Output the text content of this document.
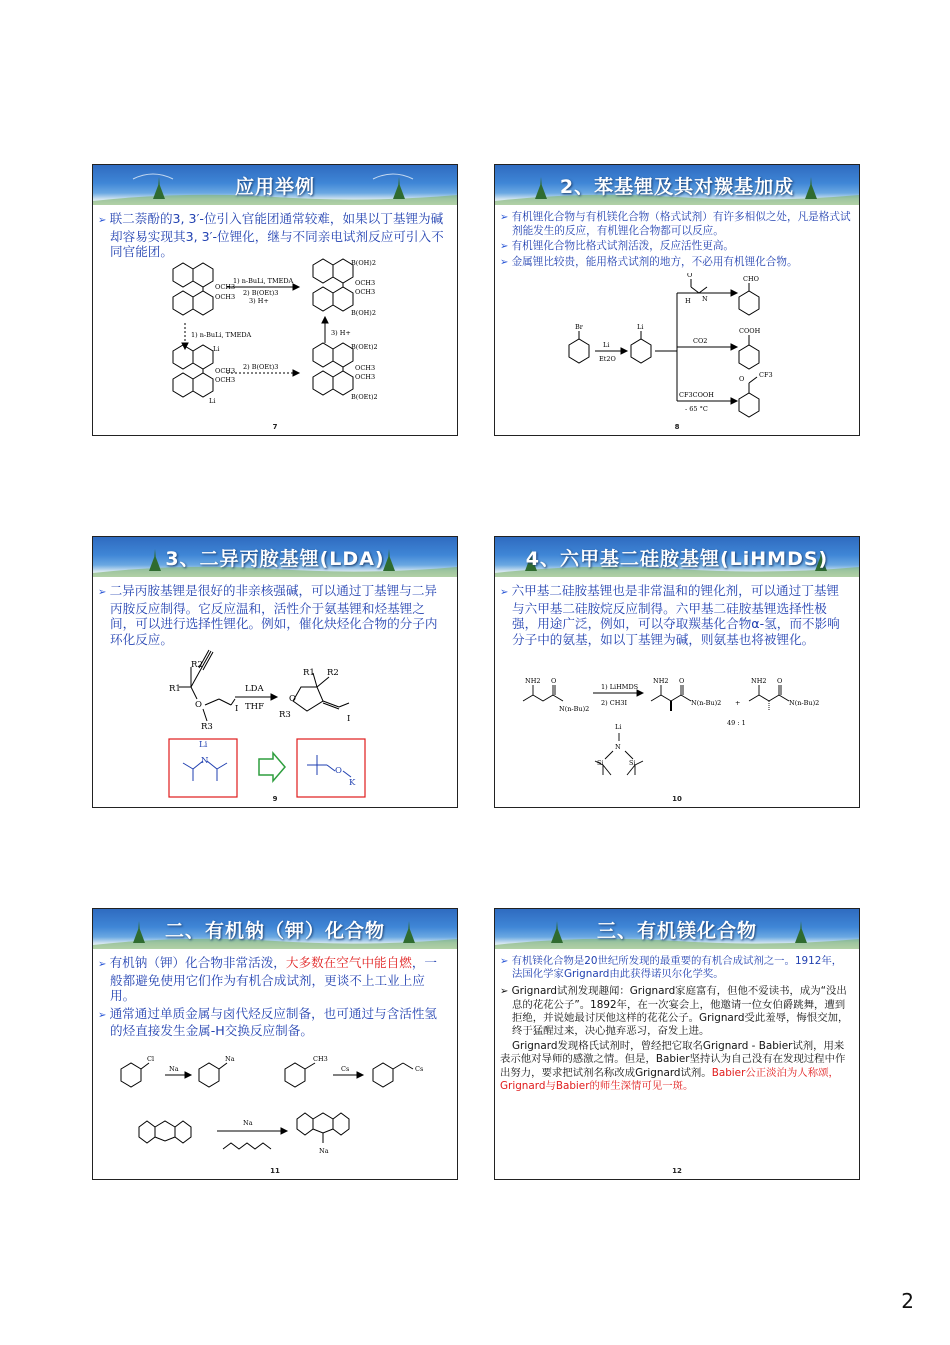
应用举例
➢ 联二萘酚的3, 3′-位引入官能团通常较难，如果以丁基锂为碱却容易实现其3, 3′-位锂化，继与不同亲电试剂反应可引入不同官能团。
OCH3
OCH3
1) n-BuLi, TMEDA
2) B(OEt)3
3) H+
B(OH)2
OCH3
OCH3
B(OH)2
1) n-BuLi, TMEDA	3) H+
Li
OCH3
OCH3
Li
2) B(OEt)3
B(OEt)2
OCH3
OCH3
B(OEt)2
7
2、苯基锂及其对羰基加成
➢ 有机锂化合物与有机镁化合物（格式试剂）有许多相似之处，凡是格式试剂能发生的反应，有机锂化合物都可以反应。
➢ 有机锂化合物比格式试剂活泼，反应活性更高。
➢ 金属锂比较贵，能用格式试剂的地方，不必用有机锂化合物。
Br
Li
Et2O
Li
H
O
N
CHO
CO2
COOH
CF3COOH
- 65 °C
O CF3
8
3、二异丙胺基锂(LDA)
➢ 二异丙胺基锂是很好的非亲核强碱，可以通过丁基锂与二异丙胺反应制得。它反应温和，活性介于氨基锂和烃基锂之间，可以进行选择性锂化。例如，催化炔烃化合物的分子内环化反应。
R2
R1
O	I
R3
LDA
THF
R1 R2
O
R3	I
Li
N
O
K
9
4、六甲基二硅胺基锂(LiHMDS)
➢ 六甲基二硅胺基锂也是非常温和的锂化剂，可以通过丁基锂与六甲基二硅胺烷反应制得。六甲基二硅胺基锂选择性极强，用途广泛，例如，可以夺取羰基化合物α-氢，而不影响分子中的氨基，如以丁基锂为碱，则氨基也将被锂化。
NH2 O
N(n-Bu)2
1) LiHMDS
2) CH3I
NH2 O
N(n-Bu)2 +
NH2 O
N(n-Bu)2
49 : 1
Li
N
Si	Si
10
二、有机钠（钾）化合物
➢ 有机钠（钾）化合物非常活泼，大多数在空气中能自燃，一般都避免使用它们作为有机合成试剂，更谈不上工业上应用。
➢ 通常通过单质金属与卤代烃反应制备，也可通过与含活性氢的烃直接发生金属-H交换反应制备。
Cl
Na
Na	CH3
Cs	Cs
Na
Na
11
三、有机镁化合物
➢ 有机镁化合物是20世纪所发现的最重要的有机合成试剂之一。1912年，法国化学家Grignard由此获得诺贝尔化学奖。
➢ Grignard试剂发现趣闻：Grignard家庭富有，但他不爱读书，成为“没出息的花花公子”。1892年，在一次宴会上，他邀请一位女伯爵跳舞，遭到拒绝，并说她最讨厌他这样的花花公子。Grignard受此羞辱，悔恨交加，终于猛醒过来，决心抛弃恶习，奋发上进。
Grignard发现格氏试剂时，曾经把它取名Grignard - Babier试剂，用来表示他对导师的感激之情。但是，Babier坚持认为自己没有在发现过程中作出努力，要求把试剂名称改成Grignard试剂。Babier公正淡泊为人称颂，Grignard与Babier的师生深情可见一斑。
12
2
